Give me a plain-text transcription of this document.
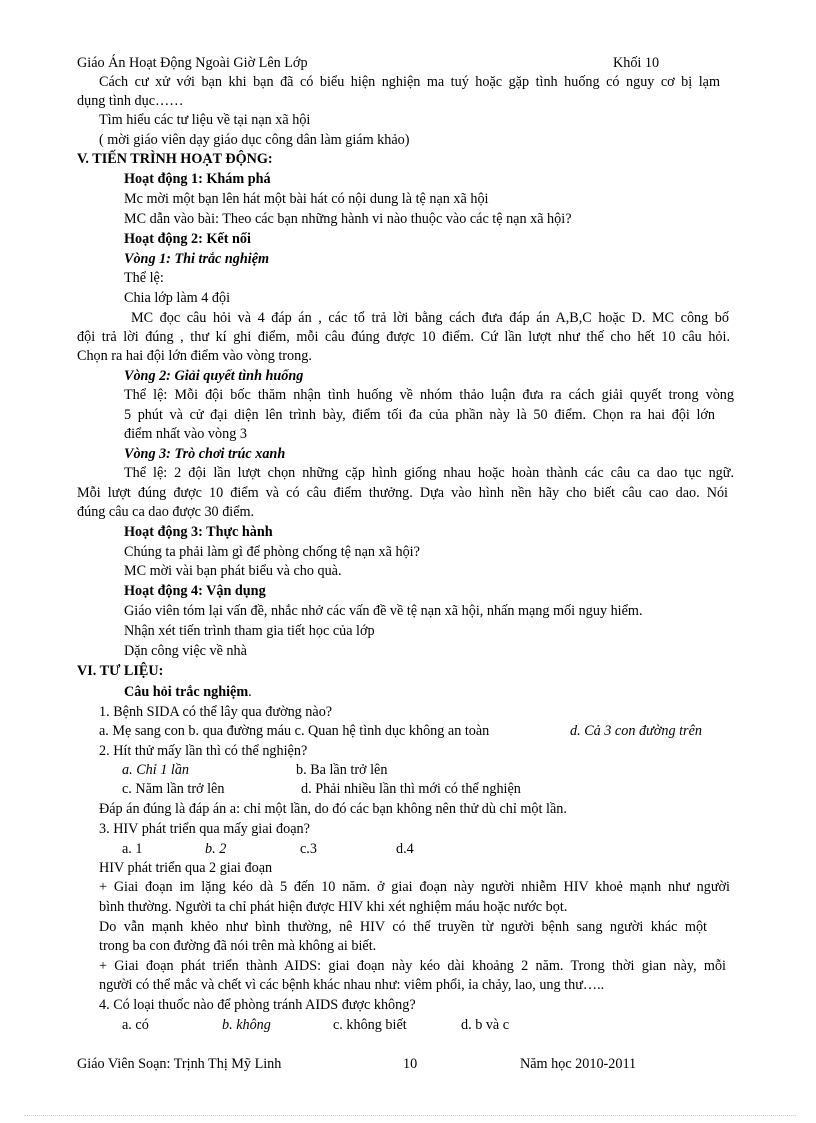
Giáo Án Hoạt Động Ngoài Giờ Lên Lớp	Khối 10
Cách cư xử với bạn khi bạn đã có biểu hiện nghiện ma tuý hoặc gặp tình huống có nguy cơ bị lạm
dụng tình dục……
Tìm hiểu các tư liệu về tại nạn xã hội
( mời giáo viên dạy giáo dục công dân làm giám khảo)
V. TIẾN TRÌNH HOẠT ĐỘNG:
Hoạt động 1: Khám phá
Mc mời một bạn lên hát một bài hát có nội dung là tệ nạn xã hội
MC dẫn vào bài: Theo các bạn những hành vi nào thuộc vào các tệ nạn xã hội?
Hoạt động 2: Kết nối
Vòng 1: Thi trắc nghiệm
Thể lệ:
Chia lớp làm 4 đội
MC đọc câu hỏi và 4 đáp án , các tổ trả lời bằng cách đưa đáp án A,B,C hoặc D. MC công bố
đội trả lời đúng , thư kí ghi điểm, mỗi câu đúng được 10 điểm. Cứ lần lượt như thế cho hết 10 câu hỏi.
Chọn ra hai đội lớn điểm vào vòng trong.
Vòng 2: Giải quyết tình huống
Thể lệ: Mỗi đội bốc thăm nhận tình huống về nhóm thảo luận đưa ra cách giải quyết trong vòng
5 phút và cử đại diện lên trình bày, điểm tối đa của phần này là 50 điểm. Chọn ra hai đội lớn
điểm nhất vào vòng 3
Vòng 3: Trò chơi trúc xanh
Thể lệ: 2 đội lần lượt chọn những cặp hình giống nhau hoặc hoàn thành các câu ca dao tục ngữ.
Mỗi lượt đúng được 10 điểm và có câu điểm thưởng. Dựa vào hình nền hãy cho biết câu cao dao. Nói
đúng câu ca dao được 30 điểm.
Hoạt động 3: Thực hành
Chúng ta phải làm gì để phòng chống tệ nạn xã hội?
MC mời vài bạn phát biểu và cho quà.
Hoạt động 4: Vận dụng
Giáo viên tóm lại vấn đề, nhắc nhở các vấn đề về tệ nạn xã hội, nhấn mạng mối nguy hiểm.
Nhận xét tiến trình tham gia tiết học của lớp
Dặn công việc về nhà
VI. TƯ LIỆU:
Câu hỏi trắc nghiệm.
1. Bệnh SIDA có thể lây qua đường nào?
a. Mẹ sang con b. qua đường máu c. Quan hệ tình dục không an toàn	d. Cả 3 con đường trên
2. Hít thử mấy lần thì có thể nghiện?
a. Chỉ 1 lần	b. Ba lần trở lên
c. Năm lần trở lên	d. Phải nhiều lần thì mới có thể nghiện
Đáp án đúng là đáp án a: chỉ một lần, do đó các bạn không nên thử dù chỉ một lần.
3. HIV phát triển qua mấy giai đoạn?
a. 1	b. 2	c.3	d.4
HIV phát triển qua 2 giai đoạn
+ Giai đoạn im lặng kéo dà 5 đến 10 năm. ở giai đoạn này người nhiễm HIV khoẻ mạnh như người
bình thường. Người ta chỉ phát hiện được HIV khi xét nghiệm máu hoặc nước bọt.
Do vẫn mạnh khẻo như bình thường, nê HIV có thể truyền từ người bệnh sang người khác một
trong ba con đường đã nói trên mà không ai biết.
+ Giai đoạn phát triển thành AIDS: giai đoạn này kéo dài khoảng 2 năm. Trong thời gian này, mỗi
người có thể mắc và chết vì các bệnh khác nhau như: viêm phổi, ỉa chảy, lao, ung thư…..
4. Có loại thuốc nào để phòng tránh AIDS được không?
a. có	b. không	c. không biết	d. b và c
Giáo Viên Soạn: Trịnh Thị Mỹ Linh	10	Năm học 2010-2011
